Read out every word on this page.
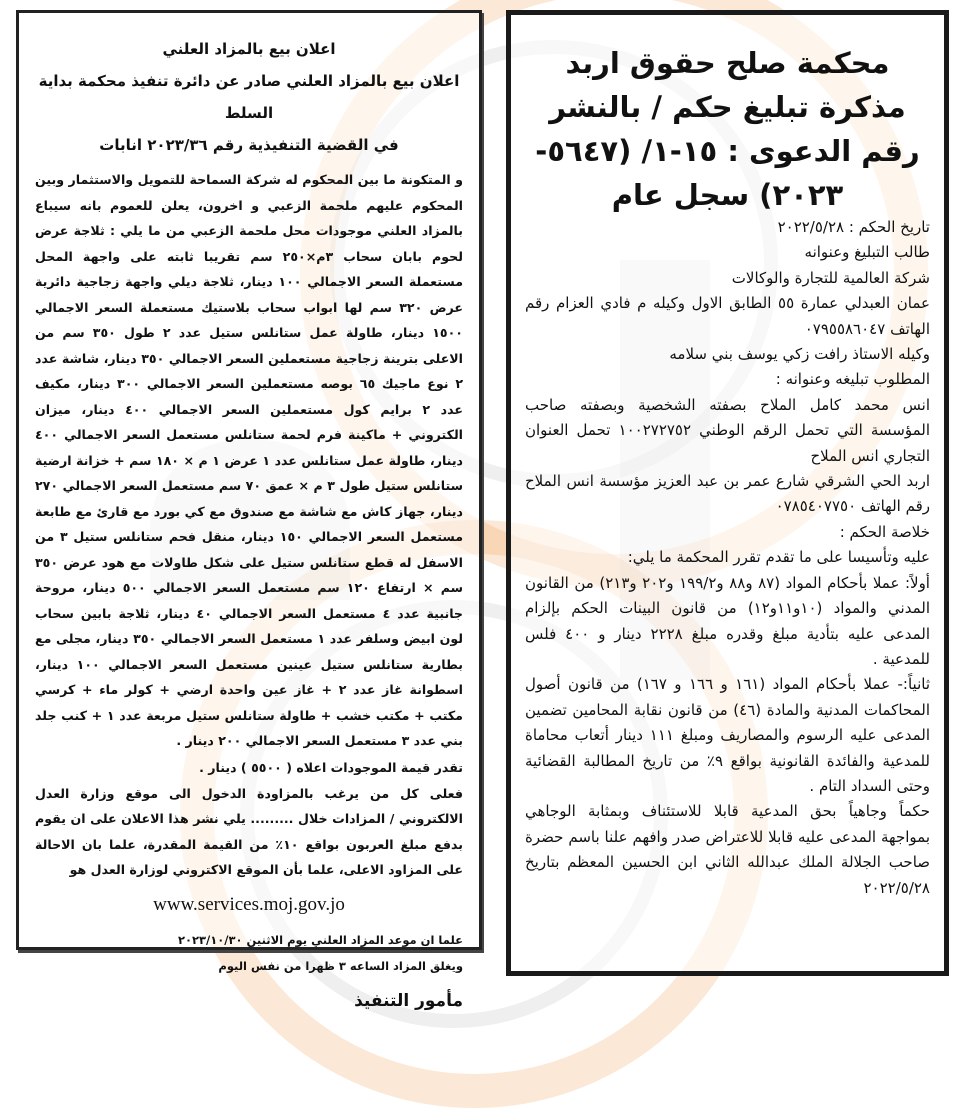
اعلان بيع بالمزاد العلني

اعلان بيع بالمزاد العلني صادر عن دائرة تنفيذ محكمة بداية السلط

في القضية التنفيذية رقم ٢٠٢٣/٣٦ انابات

و المتكونة ما بين المحكوم له شركة السماحة للتمويل والاستثمار وبين المحكوم عليهم ملحمة الزعبي و اخرون، يعلن للعموم بانه سيباع بالمزاد العلني موجودات محل ملحمة الزعبي من ما يلي : ثلاجة عرض لحوم بابان سحاب ٣م×٢٥٠ سم تقريبا ثابته على واجهة المحل مستعملة السعر الاجمالي ١٠٠ دينار، ثلاجة ديلي واجهة زجاجية دائرية عرض ٣٢٠ سم لها ابواب سحاب بلاستيك مستعملة السعر الاجمالي ١٥٠٠ دينار، طاولة عمل ستانلس ستيل عدد ٢ طول ٣٥٠ سم من الاعلى بترينة زجاجية مستعملين السعر الاجمالي ٣٥٠ دينار، شاشة عدد ٢ نوع ماجيك ٦٥ بوصه مستعملين السعر الاجمالي ٣٠٠ دينار، مكيف عدد ٢ برايم كول مستعملين السعر الاجمالي ٤٠٠ دينار، ميزان الكتروني + ماكينة فرم لحمة ستانلس مستعمل السعر الاجمالي ٤٠٠ دينار، طاولة عمل ستانلس عدد ١ عرض ١ م × ١٨٠ سم + خزانة ارضية ستانلس ستيل طول ٣ م × عمق ٧٠ سم مستعمل السعر الاجمالي ٢٧٠ دينار، جهاز كاش مع شاشة مع صندوق مع كي بورد مع قارئ مع طابعة مستعمل السعر الاجمالي ١٥٠ دينار، منقل فحم ستانلس ستيل ٣ من الاسفل له قطع ستانلس ستيل على شكل طاولات مع هود عرض ٣٥٠ سم × ارتفاع ١٢٠ سم مستعمل السعر الاجمالي ٥٠٠ دينار، مروحة جانبية عدد ٤ مستعمل السعر الاجمالي ٤٠ دينار، ثلاجة بابين سحاب لون ابيض وسلفر عدد ١ مستعمل السعر الاجمالي ٣٥٠ دينار، مجلى مع بطارية ستانلس ستيل عينين مستعمل السعر الاجمالي ١٠٠ دينار، اسطوانة غاز عدد ٢ + غاز عين واحدة ارضي + كولر ماء + كرسي مكتب + مكتب خشب + طاولة ستانلس ستيل مربعة عدد ١ + كنب جلد بني عدد ٣ مستعمل السعر الاجمالي ٢٠٠ دينار .

تقدر قيمة الموجودات اعلاه ( ٥٥٠٠ ) دينار .

فعلى كل من يرغب بالمزاودة الدخول الى موقع وزارة العدل الالكتروني / المزادات خلال ......... يلي نشر هذا الاعلان على ان يقوم بدفع مبلغ العربون بواقع ١٠٪ من القيمة المقدرة، علما بان الاحالة على المزاود الاعلى، علما بأن الموقع الاكتروني لوزارة العدل هو

www.services.moj.gov.jo

علما ان موعد المزاد العلني يوم الاثنين ٢٠٢٣/١٠/٣٠

ويغلق المزاد الساعه ٣ ظهرا من نفس اليوم

مأمور التنفيذ

محكمة صلح حقوق اربد

مذكرة تبليغ حكم / بالنشر

رقم الدعوى : ١٥-١/ (٥٦٤٧-

٢٠٢٣) سجل عام

تاريخ الحكم : ٢٠٢٢/٥/٢٨

طالب التبليغ وعنوانه

شركة العالمية للتجارة والوكالات

عمان العبدلي عمارة ٥٥ الطابق الاول وكيله م فادي العزام رقم الهاتف ٠٧٩٥٥٨٦٠٤٧

وكيله الاستاذ رافت زكي يوسف بني سلامه

المطلوب تبليغه وعنوانه :

انس محمد كامل الملاح بصفته الشخصية وبصفته صاحب المؤسسة التي تحمل الرقم الوطني ١٠٠٢٧٢٧٥٢ تحمل العنوان التجاري انس الملاح

اربد الحي الشرقي شارع عمر بن عبد العزيز مؤسسة انس الملاح رقم الهاتف ٠٧٨٥٤٠٧٧٥٠

خلاصة الحكم :

عليه وتأسيسا على ما تقدم تقرر المحكمة ما يلي:

أولاً: عملا بأحكام المواد (٨٧ و٨٨ و١٩٩/٢ و٢٠٢ و٢١٣) من القانون المدني والمواد (١٠و١١و١٢) من قانون البينات الحكم بإلزام المدعى عليه بتأدية مبلغ وقدره مبلغ ٢٢٢٨ دينار و ٤٠٠ فلس للمدعية .

ثانياً:- عملا بأحكام المواد (١٦١ و ١٦٦ و ١٦٧) من قانون أصول المحاكمات المدنية والمادة (٤٦) من قانون نقابة المحامين تضمين المدعى عليه الرسوم والمصاريف ومبلغ ١١١ دينار أتعاب محاماة للمدعية والفائدة القانونية بواقع ٩٪ من تاريخ المطالبة القضائية وحتى السداد التام .

حكماً وجاهياً بحق المدعية قابلا للاستئناف وبمثابة الوجاهي بمواجهة المدعى عليه قابلا للاعتراض صدر وافهم علنا باسم حضرة صاحب الجلالة الملك عبدالله الثاني ابن الحسين المعظم بتاريخ ٢٠٢٢/٥/٢٨
